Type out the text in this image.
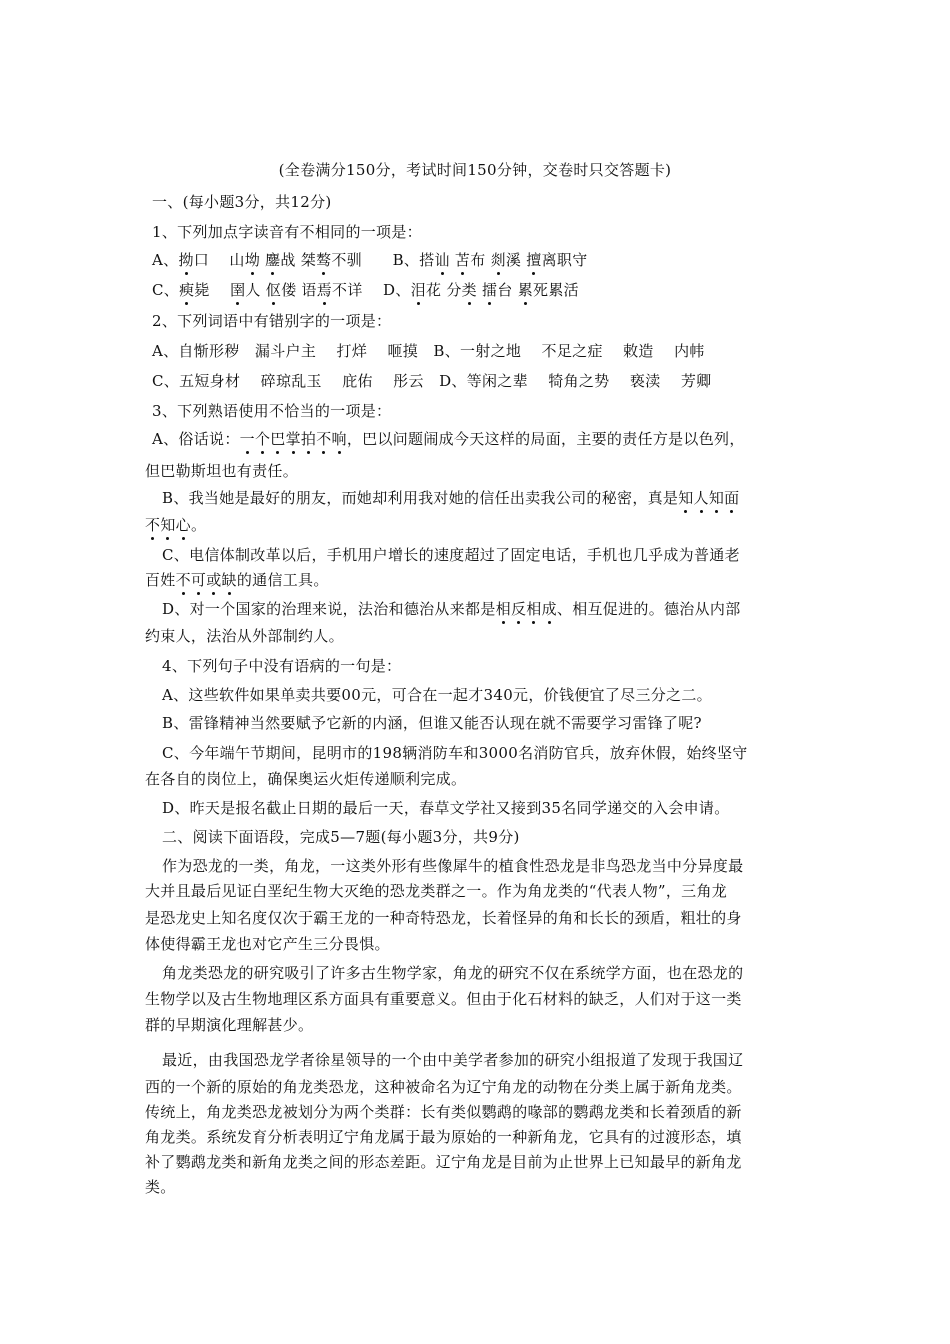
(全卷满分150分，考试时间150分钟，交卷时只交答题卡)
一、(每小题3分，共12分)
1、下列加点字读音有不相同的一项是：
A、拗口　 山坳 鏖战 桀骜不驯　　B、搭讪 苫布 剡溪 擅离职守
C、瘐毙　 圉人 伛偻 语焉不详　 D、泪花 分类 擂台 累死累活
2、下列词语中有错别字的一项是：
A、自惭形秽　漏斗户主　 打烊　 咂摸　B、一射之地　 不足之症　 敕造　 内帏
C、五短身材　 碎琼乱玉　 庇佑　 彤云　D、等闲之辈　 犄角之势　 亵渎　 芳卿
3、下列熟语使用不恰当的一项是：
A、俗话说：一个巴掌拍不响，巴以问题闹成今天这样的局面，主要的责任方是以色列，
但巴勒斯坦也有责任。
B、我当她是最好的朋友，而她却利用我对她的信任出卖我公司的秘密，真是知人知面
不知心。
C、电信体制改革以后，手机用户增长的速度超过了固定电话，手机也几乎成为普通老
百姓不可或缺的通信工具。
D、对一个国家的治理来说，法治和德治从来都是相反相成、相互促进的。德治从内部
约束人，法治从外部制约人。
4、下列句子中没有语病的一句是：
A、这些软件如果单卖共要00元，可合在一起才340元，价钱便宜了尽三分之二。
B、雷锋精神当然要赋予它新的内涵，但谁又能否认现在就不需要学习雷锋了呢?
C、今年端午节期间，昆明市的198辆消防车和3000名消防官兵，放弃休假，始终坚守
在各自的岗位上，确保奥运火炬传递顺利完成。
D、昨天是报名截止日期的最后一天，春草文学社又接到35名同学递交的入会申请。
二、阅读下面语段，完成5—7题(每小题3分，共9分)
作为恐龙的一类，角龙，一这类外形有些像犀牛的植食性恐龙是非鸟恐龙当中分异度最
大并且最后见证白垩纪生物大灭绝的恐龙类群之一。作为角龙类的“代表人物”，三角龙
是恐龙史上知名度仅次于霸王龙的一种奇特恐龙，长着怪异的角和长长的颈盾，粗壮的身
体使得霸王龙也对它产生三分畏惧。
角龙类恐龙的研究吸引了许多古生物学家，角龙的研究不仅在系统学方面，也在恐龙的
生物学以及古生物地理区系方面具有重要意义。但由于化石材料的缺乏，人们对于这一类
群的早期演化理解甚少。
最近，由我国恐龙学者徐星领导的一个由中美学者参加的研究小组报道了发现于我国辽
西的一个新的原始的角龙类恐龙，这种被命名为辽宁角龙的动物在分类上属于新角龙类。
传统上，角龙类恐龙被划分为两个类群：长有类似鹦鹉的喙部的鹦鹉龙类和长着颈盾的新
角龙类。系统发育分析表明辽宁角龙属于最为原始的一种新角龙，它具有的过渡形态，填
补了鹦鹉龙类和新角龙类之间的形态差距。辽宁角龙是目前为止世界上已知最早的新角龙
类。
